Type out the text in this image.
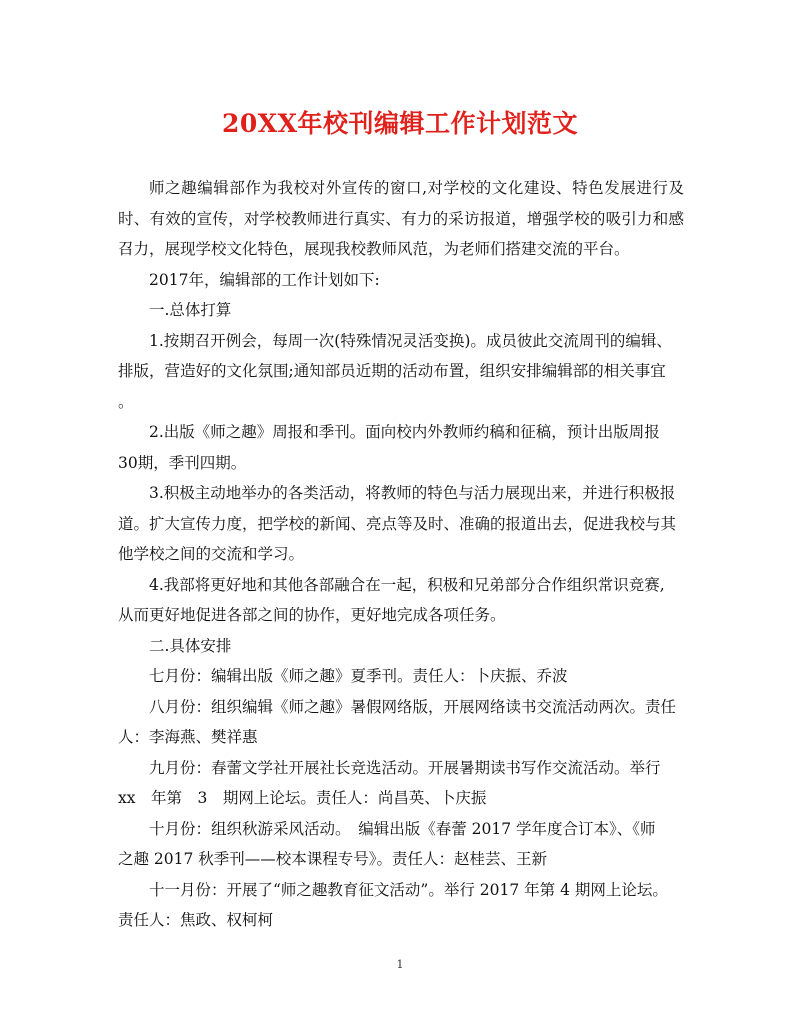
20XX年校刊编辑工作计划范文

师之趣编辑部作为我校对外宣传的窗口,对学校的文化建设、特色发展进行及时、有效的宣传，对学校教师进行真实、有力的采访报道，增强学校的吸引力和感召力，展现学校文化特色，展现我校教师风范，为老师们搭建交流的平台。

2017年，编辑部的工作计划如下:

一.总体打算

1.按期召开例会，每周一次(特殊情况灵活变换)。成员彼此交流周刊的编辑、

排版，营造好的文化氛围;通知部员近期的活动布置，组织安排编辑部的相关事宜

。

2.出版《师之趣》周报和季刊。面向校内外教师约稿和征稿，预计出版周报

30期，季刊四期。

3.积极主动地举办的各类活动，将教师的特色与活力展现出来，并进行积极报

道。扩大宣传力度，把学校的新闻、亮点等及时、准确的报道出去，促进我校与其

他学校之间的交流和学习。

4.我部将更好地和其他各部融合在一起，积极和兄弟部分合作组织常识竞赛,

从而更好地促进各部之间的协作，更好地完成各项任务。

二.具体安排

七月份：编辑出版《师之趣》夏季刊。责任人：卜庆振、乔波

八月份：组织编辑《师之趣》暑假网络版，开展网络读书交流活动两次。责任

人：李海燕、樊祥惠

九月份：春蕾文学社开展社长竞选活动。开展暑期读书写作交流活动。举行

xx　年第　3　期网上论坛。责任人：尚昌英、卜庆振

十月份：组织秋游采风活动。　编辑出版《春蕾 2017 学年度合订本》、《师

之趣 2017 秋季刊——校本课程专号》。责任人：赵桂芸、王新

十一月份：开展了“师之趣教育征文活动”。举行 2017 年第 4 期网上论坛。

责任人：焦政、权柯柯

1
